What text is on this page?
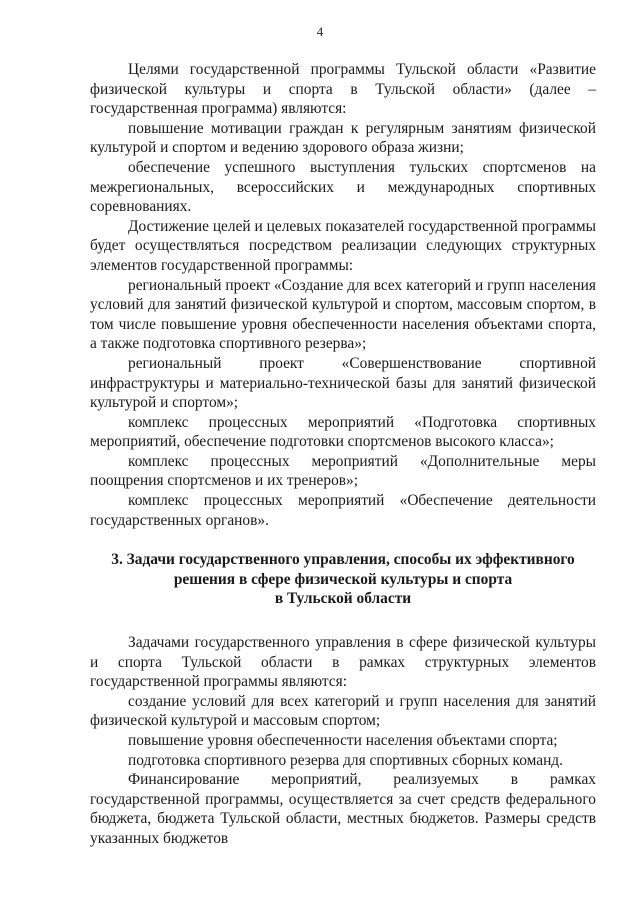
4

Целями государственной программы Тульской области «Развитие физической культуры и спорта в Тульской области» (далее – государственная программа) являются:

повышение мотивации граждан к регулярным занятиям физической культурой и спортом и ведению здорового образа жизни;

обеспечение успешного выступления тульских спортсменов на межрегиональных, всероссийских и международных спортивных соревнованиях.

Достижение целей и целевых показателей государственной программы будет осуществляться посредством реализации следующих структурных элементов государственной программы:

региональный проект «Создание для всех категорий и групп населения условий для занятий физической культурой и спортом, массовым спортом, в том числе повышение уровня обеспеченности населения объектами спорта, а также подготовка спортивного резерва»;

региональный проект «Совершенствование спортивной инфраструктуры и материально-технической базы для занятий физической культурой и спортом»;

комплекс процессных мероприятий «Подготовка спортивных мероприятий, обеспечение подготовки спортсменов высокого класса»;

комплекс процессных мероприятий «Дополнительные меры поощрения спортсменов и их тренеров»;

комплекс процессных мероприятий «Обеспечение деятельности государственных органов».

3. Задачи государственного управления, способы их эффективного
решения в сфере физической культуры и спорта
в Тульской области

Задачами государственного управления в сфере физической культуры и спорта Тульской области в рамках структурных элементов государственной программы являются:

создание условий для всех категорий и групп населения для занятий физической культурой и массовым спортом;

повышение уровня обеспеченности населения объектами спорта;

подготовка спортивного резерва для спортивных сборных команд.

Финансирование мероприятий, реализуемых в рамках государственной программы, осуществляется за счет средств федерального бюджета, бюджета Тульской области, местных бюджетов. Размеры средств указанных бюджетов
